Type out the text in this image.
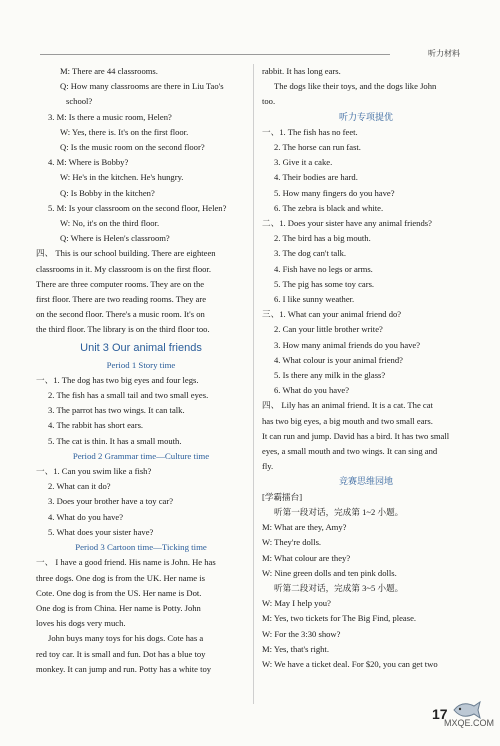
听力材料
M: There are 44 classrooms.
Q: How many classrooms are there in Liu Tao's
school?
3. M: Is there a music room, Helen?
W: Yes, there is. It's on the first floor.
Q: Is the music room on the second floor?
4. M: Where is Bobby?
W: He's in the kitchen. He's hungry.
Q: Is Bobby in the kitchen?
5. M: Is your classroom on the second floor, Helen?
W: No, it's on the third floor.
Q: Where is Helen's classroom?
四、 This is our school building. There are eighteen
classrooms in it. My classroom is on the first floor.
There are three computer rooms. They are on the
first floor. There are two reading rooms. They are
on the second floor. There's a music room. It's on
the third floor. The library is on the third floor too.
Unit 3 Our animal friends
Period 1 Story time
一、1. The dog has two big eyes and four legs.
2. The fish has a small tail and two small eyes.
3. The parrot has two wings. It can talk.
4. The rabbit has short ears.
5. The cat is thin. It has a small mouth.
Period 2 Grammar time—Culture time
一、1. Can you swim like a fish?
2. What can it do?
3. Does your brother have a toy car?
4. What do you have?
5. What does your sister have?
Period 3 Cartoon time—Ticking time
一、 I have a good friend. His name is John. He has
three dogs. One dog is from the UK. Her name is
Cote. One dog is from the US. Her name is Dot.
One dog is from China. Her name is Potty. John
loves his dogs very much.
John buys many toys for his dogs. Cote has a
red toy car. It is small and fun. Dot has a blue toy
monkey. It can jump and run. Potty has a white toy
rabbit. It has long ears.
The dogs like their toys, and the dogs like John
too.
听力专项提优
一、1. The fish has no feet.
2. The horse can run fast.
3. Give it a cake.
4. Their bodies are hard.
5. How many fingers do you have?
6. The zebra is black and white.
二、1. Does your sister have any animal friends?
2. The bird has a big mouth.
3. The dog can't talk.
4. Fish have no legs or arms.
5. The pig has some toy cars.
6. I like sunny weather.
三、1. What can your animal friend do?
2. Can your little brother write?
3. How many animal friends do you have?
4. What colour is your animal friend?
5. Is there any milk in the glass?
6. What do you have?
四、 Lily has an animal friend. It is a cat. The cat
has two big eyes, a big mouth and two small ears.
It can run and jump. David has a bird. It has two small
eyes, a small mouth and two wings. It can sing and
fly.
竞赛思维园地
[学霸擂台]
听第一段对话，完成第 1~2 小题。
M: What are they, Amy?
W: They're dolls.
M: What colour are they?
W: Nine green dolls and ten pink dolls.
听第二段对话，完成第 3~5 小题。
W: May I help you?
M: Yes, two tickets for The Big Find, please.
W: For the 3:30 show?
M: Yes, that's right.
W: We have a ticket deal. For $20, you can get two
17
MXQE.COM
